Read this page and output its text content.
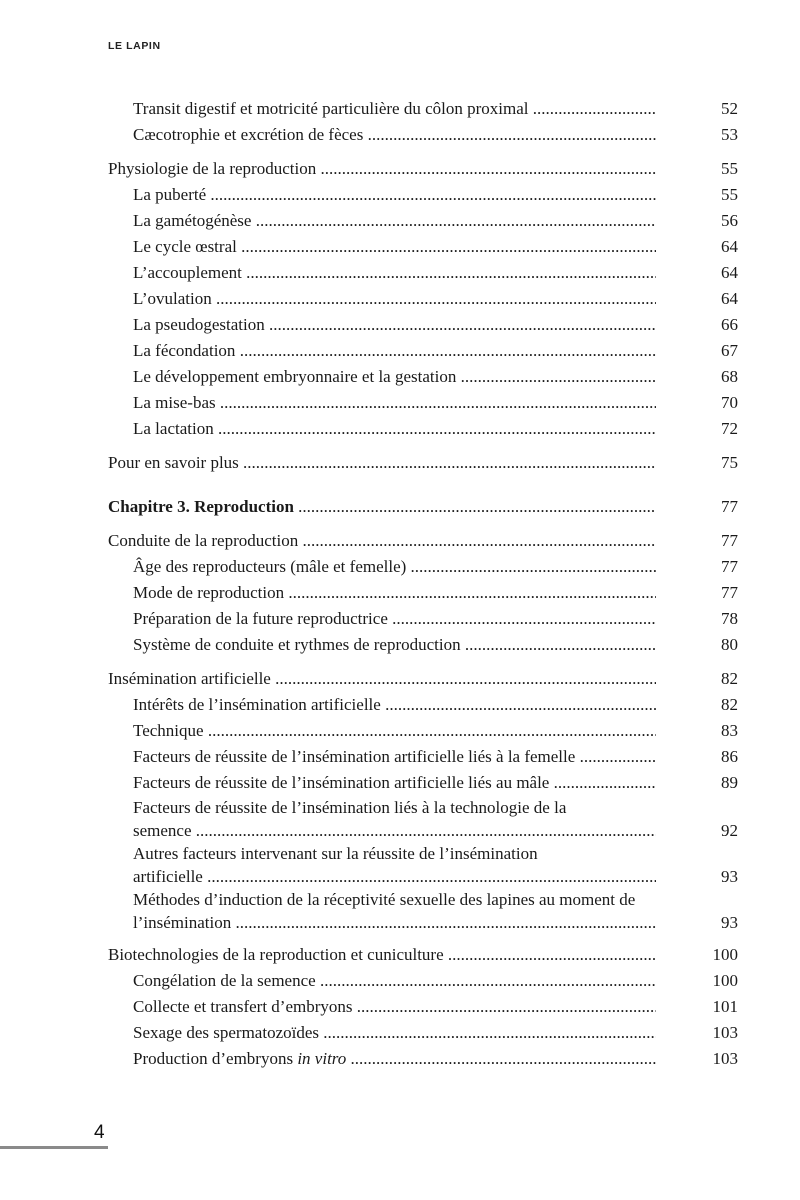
LE LAPIN
Transit digestif et motricité particulière du côlon proximal .....	52
Cæcotrophie et excrétion de fèces .....	53
Physiologie de la reproduction .....	55
La puberté .....	55
La gamétogénèse .....	56
Le cycle œstral .....	64
L’accouplement .....	64
L’ovulation .....	64
La pseudogestation .....	66
La fécondation .....	67
Le développement embryonnaire et la gestation .....	68
La mise-bas .....	70
La lactation .....	72
Pour en savoir plus .....	75
Chapitre 3. Reproduction .....	77
Conduite de la reproduction .....	77
Âge des reproducteurs (mâle et femelle) .....	77
Mode de reproduction .....	77
Préparation de la future reproductrice .....	78
Système de conduite et rythmes de reproduction .....	80
Insémination artificielle .....	82
Intérêts de l’insémination artificielle .....	82
Technique .....	83
Facteurs de réussite de l’insémination artificielle liés à la femelle .....	86
Facteurs de réussite de l’insémination artificielle liés au mâle .....	89
Facteurs de réussite de l’insémination liés à la technologie de la semence .....	92
Autres facteurs intervenant sur la réussite de l’insémination artificielle .....	93
Méthodes d’induction de la réceptivité sexuelle des lapines au moment de l’insémination .....	93
Biotechnologies de la reproduction et cuniculture .....	100
Congélation de la semence .....	100
Collecte et transfert d’embryons .....	101
Sexage des spermatozoïdes .....	103
Production d’embryons in vitro .....	103
4
